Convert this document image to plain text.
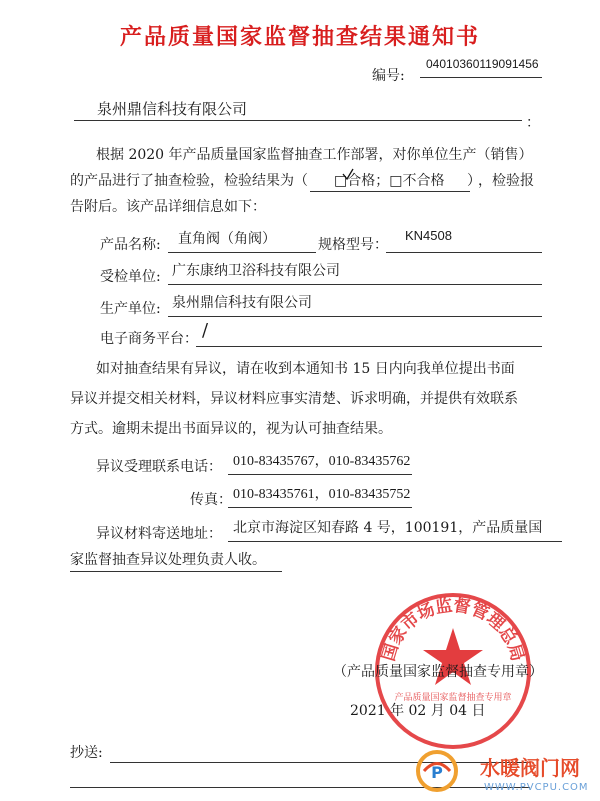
产品质量国家监督抽查结果通知书
编号:
04010360119091456
泉州鼎信科技有限公司
：
根据 2020 年产品质量国家监督抽查工作部署，对你单位生产（销售）
的产品进行了抽查检验，检验结果为（ □合格；□不合格 ）
，检验报
告附后。该产品详细信息如下：
产品名称: 直角阀（角阀）	规格型号：
KN4508
受检单位: 广东康纳卫浴科技有限公司
生产单位: 泉州鼎信科技有限公司
电子商务平台： /
如对抽查结果有异议，请在收到本通知书 15 日内向我单位提出书面
异议并提交相关材料，异议材料应事实清楚、诉求明确，并提供有效联系
方式。逾期未提出书面异议的，视为认可抽查结果。
异议受理联系电话： 010-83435767，010-83435762
传真： 010-83435761，010-83435752
异议材料寄送地址： 北京市海淀区知春路 4 号，100191，产品质量国
家监督抽查异议处理负责人收。
国家市场监督管理总局
产品质量国家监督抽查专用章
（产品质量国家监督抽查专用章）
2021 年 02 月 04 日
抄送:
P 水暖阀门网
WWW.PVCPU.COM
